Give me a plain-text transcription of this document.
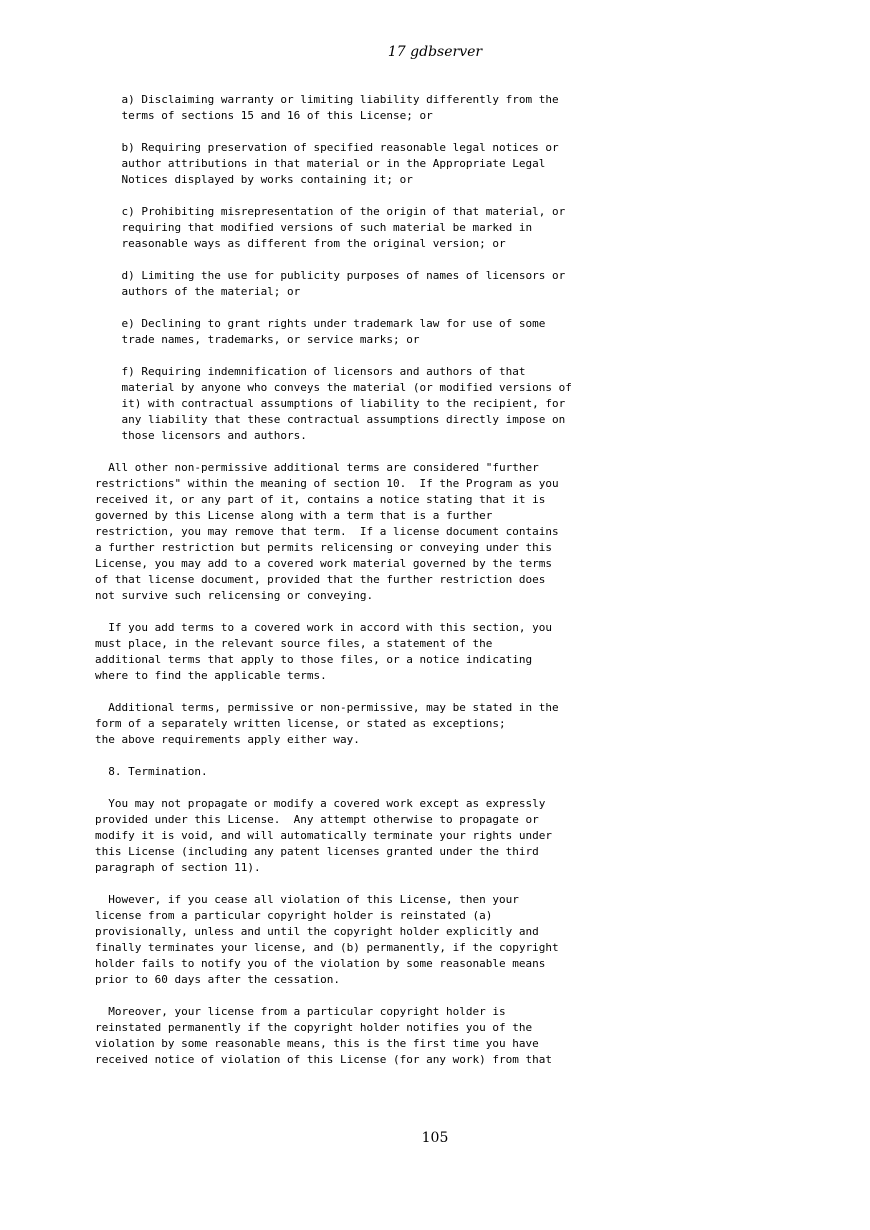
17 gdbserver

a) Disclaiming warranty or limiting liability differently from the
terms of sections 15 and 16 of this License; or

b) Requiring preservation of specified reasonable legal notices or
author attributions in that material or in the Appropriate Legal
Notices displayed by works containing it; or

c) Prohibiting misrepresentation of the origin of that material, or
requiring that modified versions of such material be marked in
reasonable ways as different from the original version; or

d) Limiting the use for publicity purposes of names of licensors or
authors of the material; or

e) Declining to grant rights under trademark law for use of some
trade names, trademarks, or service marks; or

f) Requiring indemnification of licensors and authors of that
material by anyone who conveys the material (or modified versions of
it) with contractual assumptions of liability to the recipient, for
any liability that these contractual assumptions directly impose on
those licensors and authors.

All other non-permissive additional terms are considered "further
restrictions" within the meaning of section 10.  If the Program as you
received it, or any part of it, contains a notice stating that it is
governed by this License along with a term that is a further
restriction, you may remove that term.  If a license document contains
a further restriction but permits relicensing or conveying under this
License, you may add to a covered work material governed by the terms
of that license document, provided that the further restriction does
not survive such relicensing or conveying.

If you add terms to a covered work in accord with this section, you
must place, in the relevant source files, a statement of the
additional terms that apply to those files, or a notice indicating
where to find the applicable terms.

Additional terms, permissive or non-permissive, may be stated in the
form of a separately written license, or stated as exceptions;
the above requirements apply either way.

8. Termination.

You may not propagate or modify a covered work except as expressly
provided under this License.  Any attempt otherwise to propagate or
modify it is void, and will automatically terminate your rights under
this License (including any patent licenses granted under the third
paragraph of section 11).

However, if you cease all violation of this License, then your
license from a particular copyright holder is reinstated (a)
provisionally, unless and until the copyright holder explicitly and
finally terminates your license, and (b) permanently, if the copyright
holder fails to notify you of the violation by some reasonable means
prior to 60 days after the cessation.

Moreover, your license from a particular copyright holder is
reinstated permanently if the copyright holder notifies you of the
violation by some reasonable means, this is the first time you have
received notice of violation of this License (for any work) from that

105
